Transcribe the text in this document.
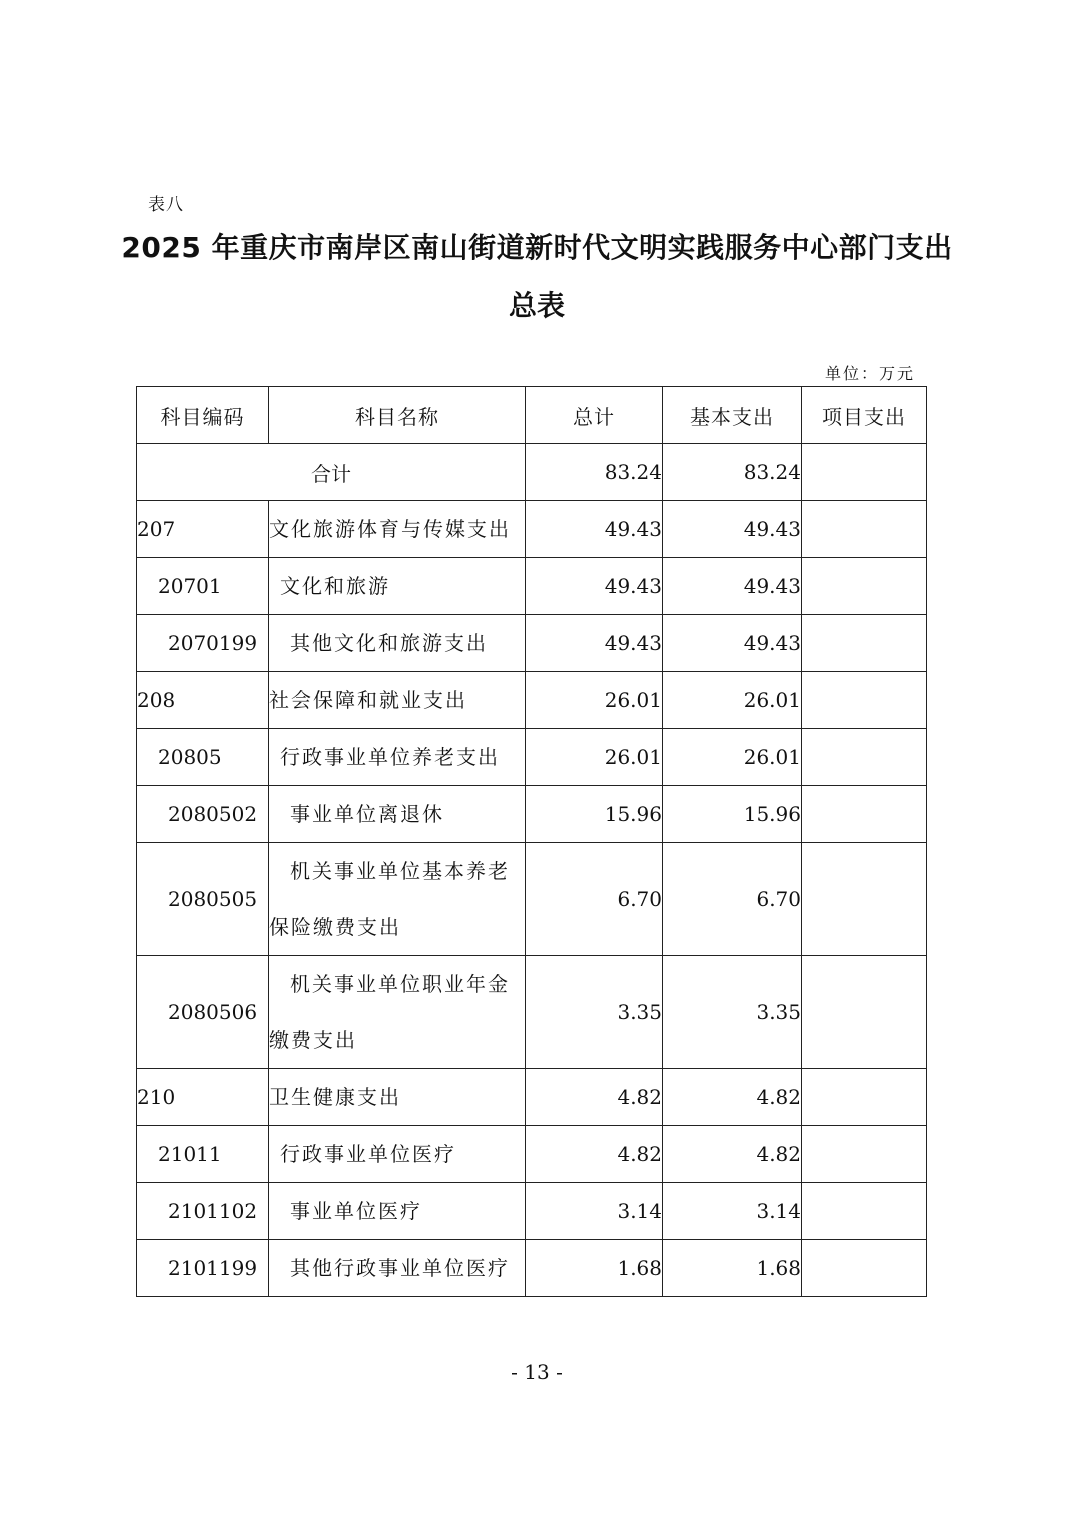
表八
2025 年重庆市南岸区南山街道新时代文明实践服务中心部门支出
总表
单位：万元
科目编码	科目名称	总计	基本支出	项目支出
合计		83.24	83.24	
207	文化旅游体育与传媒支出	49.43	49.43	
20701	文化和旅游	49.43	49.43	
2070199	其他文化和旅游支出	49.43	49.43	
208	社会保障和就业支出	26.01	26.01	
20805	行政事业单位养老支出	26.01	26.01	
2080502	事业单位离退休	15.96	15.96	
2080505	机关事业单位基本养老
保险缴费支出	6.70	6.70	
2080506	机关事业单位职业年金
缴费支出	3.35	3.35	
210	卫生健康支出	4.82	4.82	
21011	行政事业单位医疗	4.82	4.82	
2101102	事业单位医疗	3.14	3.14	
2101199	其他行政事业单位医疗	1.68	1.68	
- 13 -
